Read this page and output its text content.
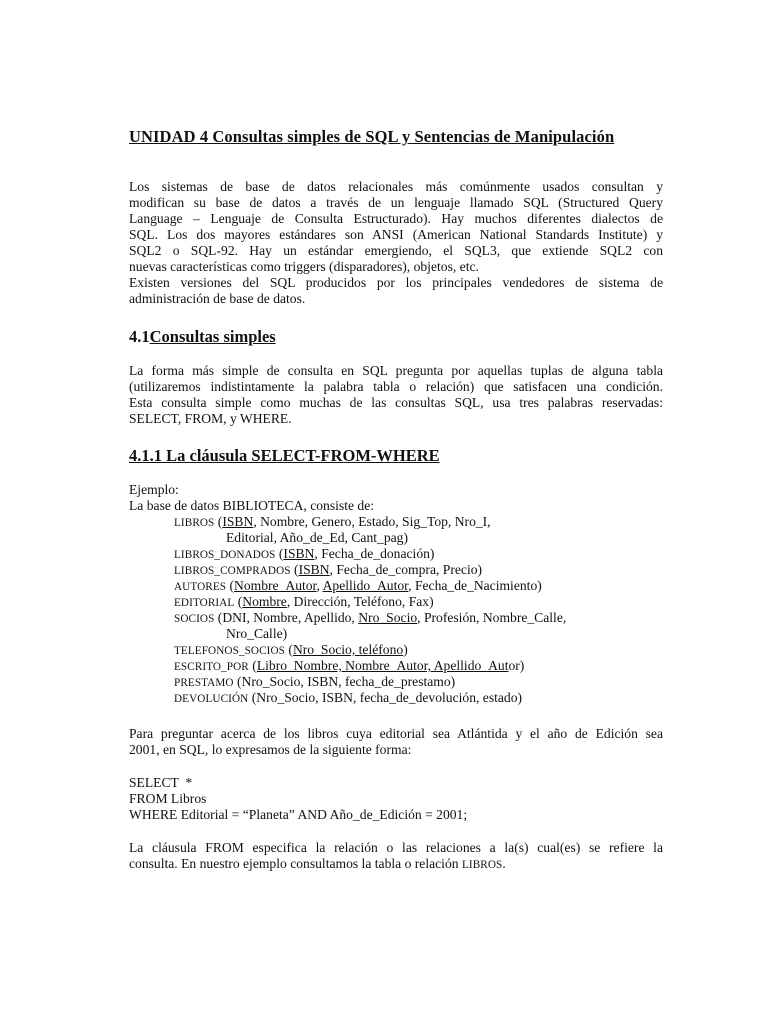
UNIDAD 4 Consultas simples de SQL y Sentencias de Manipulación
Los sistemas de base de datos relacionales más comúnmente usados consultan y
modifican su base de datos a través de un lenguaje llamado SQL (Structured Query
Language – Lenguaje de Consulta Estructurado). Hay muchos diferentes dialectos de
SQL. Los dos mayores estándares son ANSI (American National Standards Institute) y
SQL2 o SQL-92. Hay un estándar emergiendo, el SQL3, que extiende SQL2 con
nuevas características como triggers (disparadores), objetos, etc.
Existen versiones del SQL producidos por los principales vendedores de sistema de
administración de base de datos.
4.1Consultas simples
La forma más simple de consulta en SQL pregunta por aquellas tuplas de alguna tabla
(utilizaremos indistintamente la palabra tabla o relación) que satisfacen una condición.
Esta consulta simple como muchas de las consultas SQL, usa tres palabras reservadas:
SELECT, FROM, y WHERE.
4.1.1 La cláusula SELECT-FROM-WHERE
Ejemplo:
La base de datos BIBLIOTECA, consiste de:
LIBROS (ISBN, Nombre, Genero, Estado, Sig_Top, Nro_I,
Editorial, Año_de_Ed, Cant_pag)
LIBROS_DONADOS (ISBN, Fecha_de_donación)
LIBROS_COMPRADOS (ISBN, Fecha_de_compra, Precio)
AUTORES (Nombre_Autor, Apellido_Autor, Fecha_de_Nacimiento)
EDITORIAL (Nombre, Dirección, Teléfono, Fax)
SOCIOS (DNI, Nombre, Apellido, Nro_Socio, Profesión, Nombre_Calle,
Nro_Calle)
TELEFONOS_SOCIOS (Nro_Socio, teléfono)
ESCRITO_POR (Libro_Nombre, Nombre_Autor, Apellido_Autor)
PRESTAMO (Nro_Socio, ISBN, fecha_de_prestamo)
DEVOLUCIÓN (Nro_Socio, ISBN, fecha_de_devolución, estado)
Para preguntar acerca de los libros cuya editorial sea Atlántida y el año de Edición sea
2001, en SQL, lo expresamos de la siguiente forma:
SELECT  *
FROM Libros
WHERE Editorial = “Planeta” AND Año_de_Edición = 2001;
La cláusula FROM especifica la relación o las relaciones a la(s) cual(es) se refiere la
consulta. En nuestro ejemplo consultamos la tabla o relación LIBROS.
